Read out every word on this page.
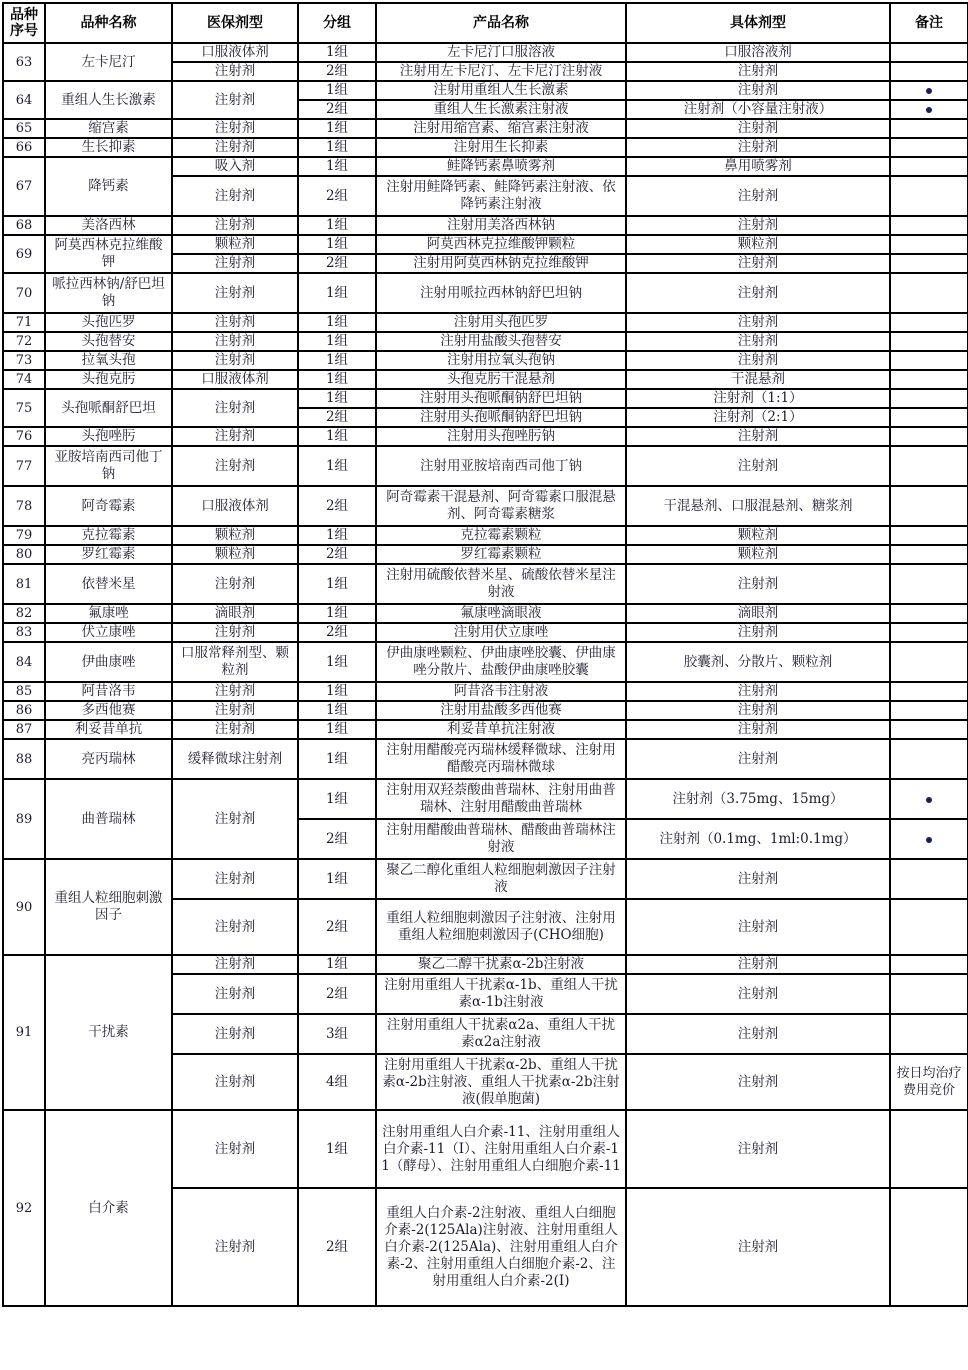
品种序号	品种名称	医保剂型	分组	产品名称	具体剂型	备注
63	左卡尼汀	口服液体剂	1组	左卡尼汀口服溶液	口服溶液剂	
		注射剂	2组	注射用左卡尼汀、左卡尼汀注射液	注射剂	
64	重组人生长激素	注射剂	1组	注射用重组人生长激素	注射剂	
			2组	重组人生长激素注射液	注射剂（小容量注射液）	
65	缩宫素	注射剂	1组	注射用缩宫素、缩宫素注射液	注射剂	
66	生长抑素	注射剂	1组	注射用生长抑素	注射剂	
67	降钙素	吸入剂	1组	鲑降钙素鼻喷雾剂	鼻用喷雾剂	
		注射剂	2组	注射用鲑降钙素、鲑降钙素注射液、依降钙素注射液	注射剂	
68	美洛西林	注射剂	1组	注射用美洛西林钠	注射剂	
69	阿莫西林克拉维酸钾	颗粒剂	1组	阿莫西林克拉维酸钾颗粒	颗粒剂	
		注射剂	2组	注射用阿莫西林钠克拉维酸钾	注射剂	
70	哌拉西林钠/舒巴坦钠	注射剂	1组	注射用哌拉西林钠舒巴坦钠	注射剂	
71	头孢匹罗	注射剂	1组	注射用头孢匹罗	注射剂	
72	头孢替安	注射剂	1组	注射用盐酸头孢替安	注射剂	
73	拉氧头孢	注射剂	1组	注射用拉氧头孢钠	注射剂	
74	头孢克肟	口服液体剂	1组	头孢克肟干混悬剂	干混悬剂	
75	头孢哌酮舒巴坦	注射剂	1组	注射用头孢哌酮钠舒巴坦钠	注射剂（1:1）	
			2组	注射用头孢哌酮钠舒巴坦钠	注射剂（2:1）	
76	头孢唑肟	注射剂	1组	注射用头孢唑肟钠	注射剂	
77	亚胺培南西司他丁钠	注射剂	1组	注射用亚胺培南西司他丁钠	注射剂	
78	阿奇霉素	口服液体剂	2组	阿奇霉素干混悬剂、阿奇霉素口服混悬剂、阿奇霉素糖浆	干混悬剂、口服混悬剂、糖浆剂	
79	克拉霉素	颗粒剂	1组	克拉霉素颗粒	颗粒剂	
80	罗红霉素	颗粒剂	2组	罗红霉素颗粒	颗粒剂	
81	依替米星	注射剂	1组	注射用硫酸依替米星、硫酸依替米星注射液	注射剂	
82	氟康唑	滴眼剂	1组	氟康唑滴眼液	滴眼剂	
83	伏立康唑	注射剂	2组	注射用伏立康唑	注射剂	
84	伊曲康唑	口服常释剂型、颗粒剂	1组	伊曲康唑颗粒、伊曲康唑胶囊、伊曲康唑分散片、盐酸伊曲康唑胶囊	胶囊剂、分散片、颗粒剂	
85	阿昔洛韦	注射剂	1组	阿昔洛韦注射液	注射剂	
86	多西他赛	注射剂	1组	注射用盐酸多西他赛	注射剂	
87	利妥昔单抗	注射剂	1组	利妥昔单抗注射液	注射剂	
88	亮丙瑞林	缓释微球注射剂	1组	注射用醋酸亮丙瑞林缓释微球、注射用醋酸亮丙瑞林微球	注射剂	
89	曲普瑞林	注射剂	1组	注射用双羟萘酸曲普瑞林、注射用曲普瑞林、注射用醋酸曲普瑞林	注射剂（3.75mg、15mg）	
			2组	注射用醋酸曲普瑞林、醋酸曲普瑞林注射液	注射剂（0.1mg、1ml:0.1mg）	
90	重组人粒细胞刺激因子	注射剂	1组	聚乙二醇化重组人粒细胞刺激因子注射液	注射剂	
		注射剂	2组	重组人粒细胞刺激因子注射液、注射用重组人粒细胞刺激因子(CHO细胞)	注射剂	
91	干扰素	注射剂	1组	聚乙二醇干扰素α-2b注射液	注射剂	
		注射剂	2组	注射用重组人干扰素α-1b、重组人干扰素α-1b注射液	注射剂	
		注射剂	3组	注射用重组人干扰素α2a、重组人干扰素α2a注射液	注射剂	
		注射剂	4组	注射用重组人干扰素α-2b、重组人干扰素α-2b注射液、重组人干扰素α-2b注射液(假单胞菌)	注射剂	按日均治疗费用竞价
92	白介素	注射剂	1组	注射用重组人白介素-11、注射用重组人白介素-11（Ⅰ）、注射用重组人白介素-11（酵母）、注射用重组人白细胞介素-11	注射剂	
		注射剂	2组	重组人白介素-2注射液、重组人白细胞介素-2(125Ala)注射液、注射用重组人白介素-2(125Ala)、注射用重组人白介素-2、注射用重组人白细胞介素-2、注射用重组人白介素-2(I)	注射剂	
